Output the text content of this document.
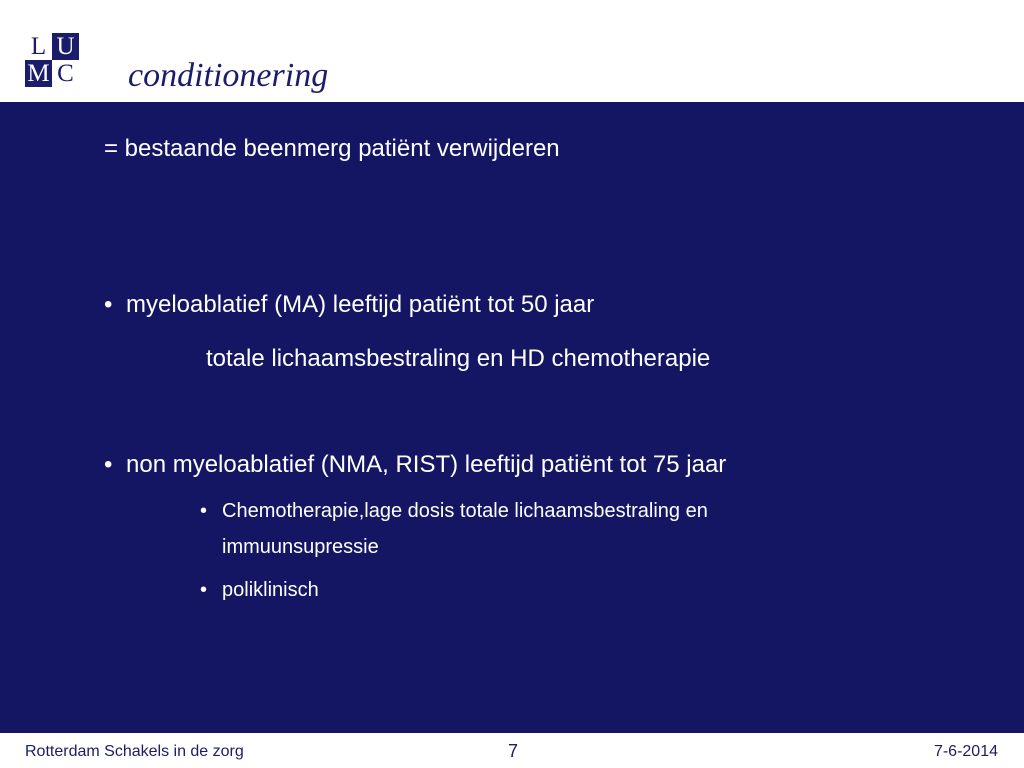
L U
M C conditionering
= bestaande beenmerg patiënt verwijderen
• myeloablatief (MA) leeftijd patiënt tot 50 jaar
totale lichaamsbestraling en HD chemotherapie
• non myeloablatief (NMA, RIST) leeftijd patiënt tot 75 jaar
• Chemotherapie,lage dosis totale lichaamsbestraling en
immuunsupressie
• poliklinisch
Rotterdam Schakels in de zorg	7	7-6-2014
